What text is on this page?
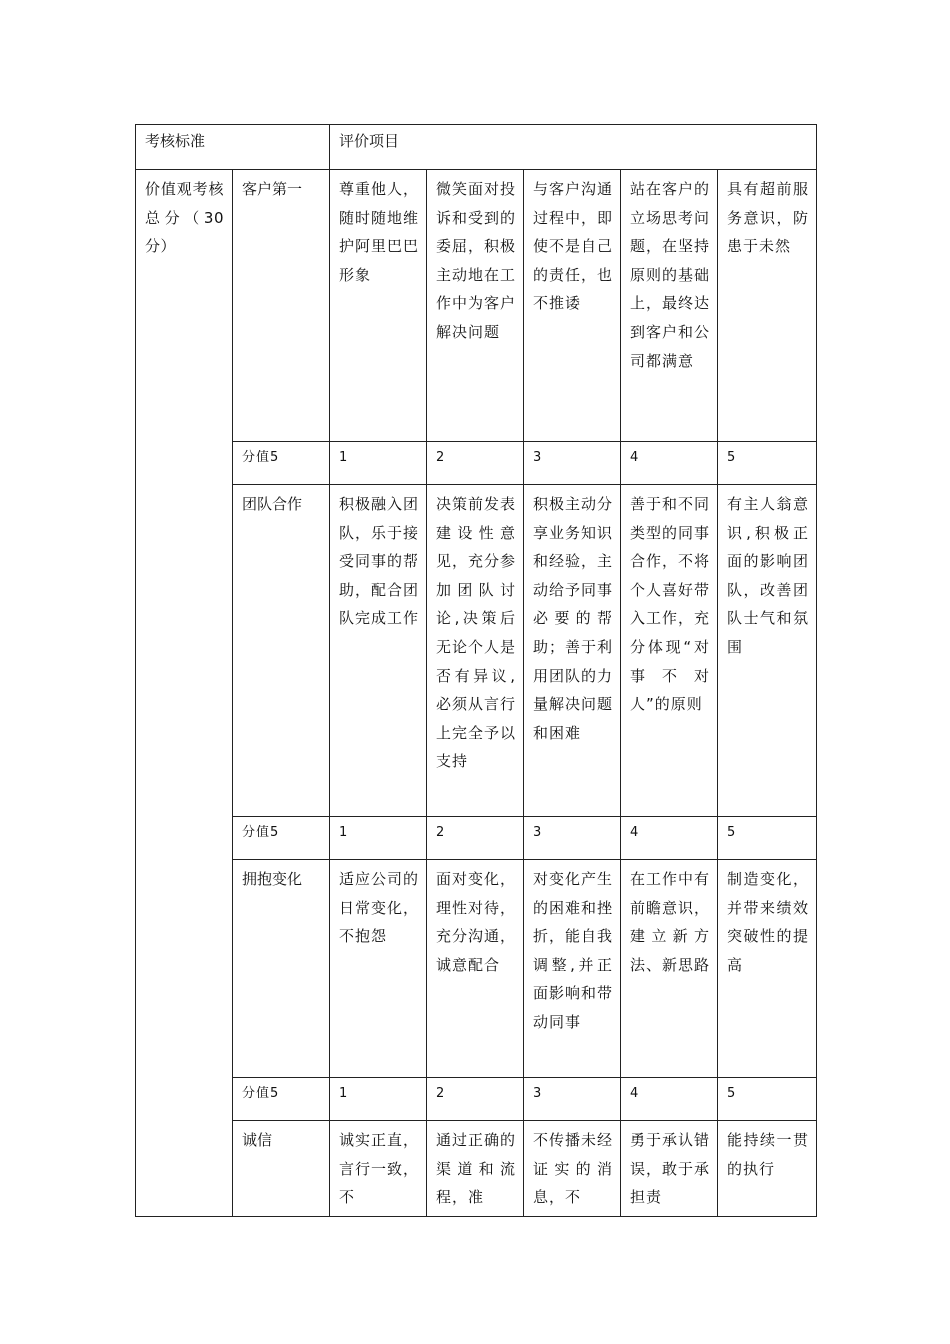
考核标准		评价项目				
价值观考核总分（30分）	客户第一	尊重他人，随时随地维护阿里巴巴形象	微笑面对投诉和受到的委屈，积极主动地在工作中为客户解决问题	与客户沟通过程中，即使不是自己的责任，也不推诿	站在客户的立场思考问题，在坚持原则的基础上，最终达到客户和公司都满意	具有超前服务意识，防患于未然
	分值5	1	2	3	4	5
	团队合作	积极融入团队，乐于接受同事的帮助，配合团队完成工作	决策前发表建设性意见，充分参加团队讨论,决策后无论个人是否有异议,必须从言行上完全予以支持	积极主动分享业务知识和经验，主动给予同事必要的帮助；善于利用团队的力量解决问题和困难	善于和不同类型的同事合作，不将个人喜好带入工作，充分体现“对事不对人”的原则	有主人翁意识,积极正面的影响团队，改善团队士气和氛围
	分值5	1	2	3	4	5
	拥抱变化	适应公司的日常变化，不抱怨	面对变化，理性对待，充分沟通，诚意配合	对变化产生的困难和挫折，能自我调整,并正面影响和带动同事	在工作中有前瞻意识，建立新方法、新思路	制造变化，并带来绩效突破性的提高
	分值5	1	2	3	4	5
	诚信	诚实正直，言行一致，不	通过正确的渠道和流程，准	不传播未经证实的消息，不	勇于承认错误，敢于承担责	能持续一贯的执行
